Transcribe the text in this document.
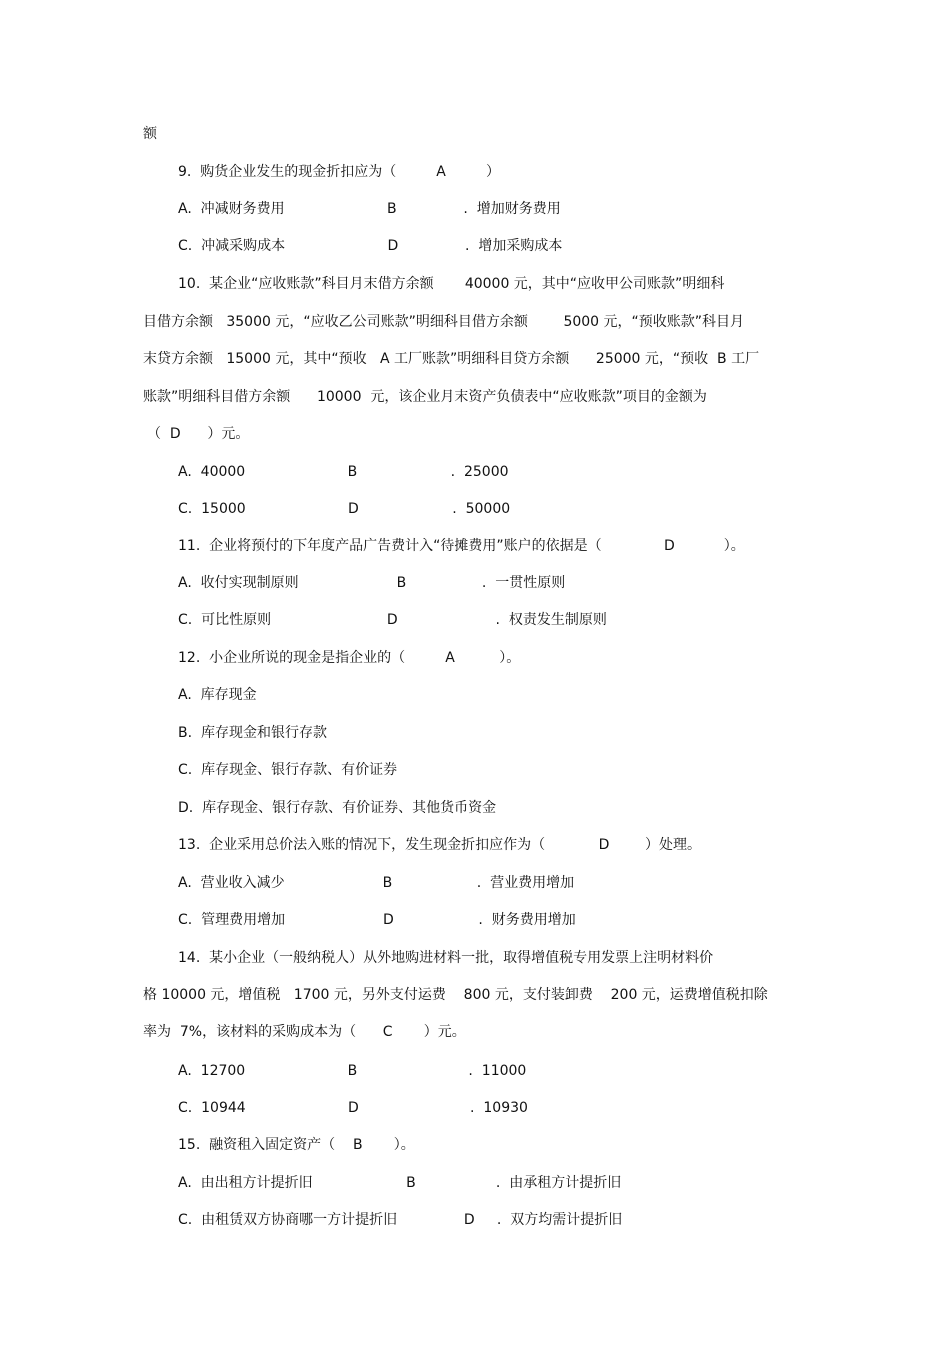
额
9.  购货企业发生的现金折扣应为（         A         ）
A.  冲减财务费用                       B               .  增加财务费用
C.  冲减采购成本                       D               .  增加采购成本
10.  某企业“应收账款”科目月末借方余额       40000 元，其中“应收甲公司账款”明细科
目借方余额   35000 元，“应收乙公司账款”明细科目借方余额        5000 元，“预收账款”科目月
末贷方余额   15000 元，其中“预收   A 工厂账款”明细科目贷方余额      25000 元，“预收  B 工厂
账款”明细科目借方余额      10000  元，该企业月末资产负债表中“应收账款”项目的金额为
（  D      ）元。
A.  40000                       B                     .  25000
C.  15000                       D                     .  50000
11.  企业将预付的下年度产品广告费计入“待摊费用”账户的依据是（              D           ）。
A.  收付实现制原则                      B                 .  一贯性原则
C.  可比性原则                          D                      .  权责发生制原则
12.  小企业所说的现金是指企业的（         A          ）。
A.  库存现金
B.  库存现金和银行存款
C.  库存现金、银行存款、有价证券
D.  库存现金、银行存款、有价证券、其他货币资金
13.  企业采用总价法入账的情况下，发生现金折扣应作为（            D        ）处理。
A.  营业收入减少                      B                   .  营业费用增加
C.  管理费用增加                      D                   .  财务费用增加
14.  某小企业（一般纳税人）从外地购进材料一批，取得增值税专用发票上注明材料价
格 10000 元，增值税   1700 元，另外支付运费    800 元，支付装卸费    200 元，运费增值税扣除
率为  7%，该材料的采购成本为（      C       ）元。
A.  12700                       B                         .  11000
C.  10944                       D                         .  10930
15.  融资租入固定资产（    B       ）。
A.  由出租方计提折旧                     B                  .  由承租方计提折旧
C.  由租赁双方协商哪一方计提折旧               D     .  双方均需计提折旧
